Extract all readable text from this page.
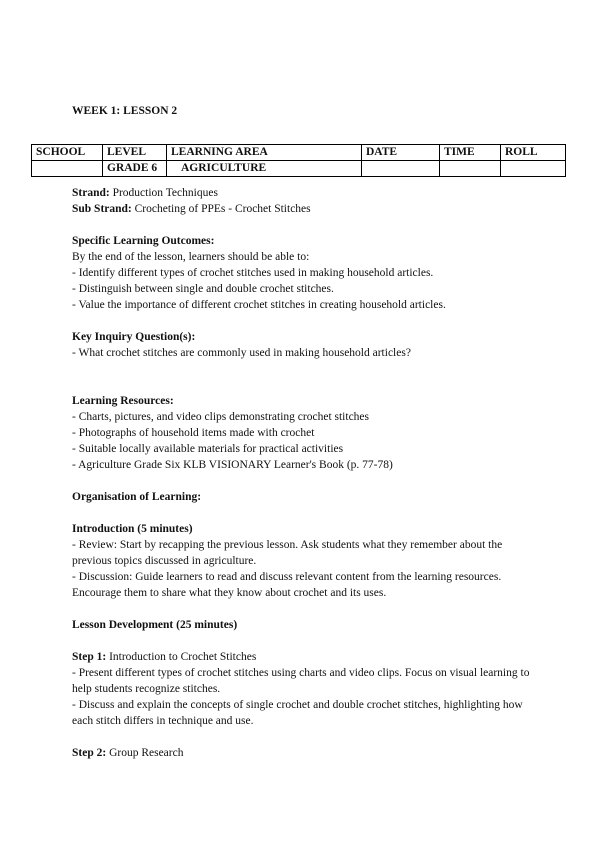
WEEK 1: LESSON 2
SCHOOL	LEVEL	LEARNING AREA	DATE	TIME	ROLL
	GRADE 6	AGRICULTURE			

Strand: Production Techniques

Sub Strand: Crocheting of PPEs - Crochet Stitches

Specific Learning Outcomes:

By the end of the lesson, learners should be able to:

- Identify different types of crochet stitches used in making household articles.

- Distinguish between single and double crochet stitches.

- Value the importance of different crochet stitches in creating household articles.

Key Inquiry Question(s):

- What crochet stitches are commonly used in making household articles?

Learning Resources:

- Charts, pictures, and video clips demonstrating crochet stitches

- Photographs of household items made with crochet

- Suitable locally available materials for practical activities

- Agriculture Grade Six KLB VISIONARY Learner's Book (p. 77-78)

Organisation of Learning:

Introduction (5 minutes)

- Review: Start by recapping the previous lesson. Ask students what they remember about the previous topics discussed in agriculture.

- Discussion: Guide learners to read and discuss relevant content from the learning resources. Encourage them to share what they know about crochet and its uses.

Lesson Development (25 minutes)

Step 1: Introduction to Crochet Stitches

- Present different types of crochet stitches using charts and video clips. Focus on visual learning to help students recognize stitches.

- Discuss and explain the concepts of single crochet and double crochet stitches, highlighting how each stitch differs in technique and use.

Step 2: Group Research
